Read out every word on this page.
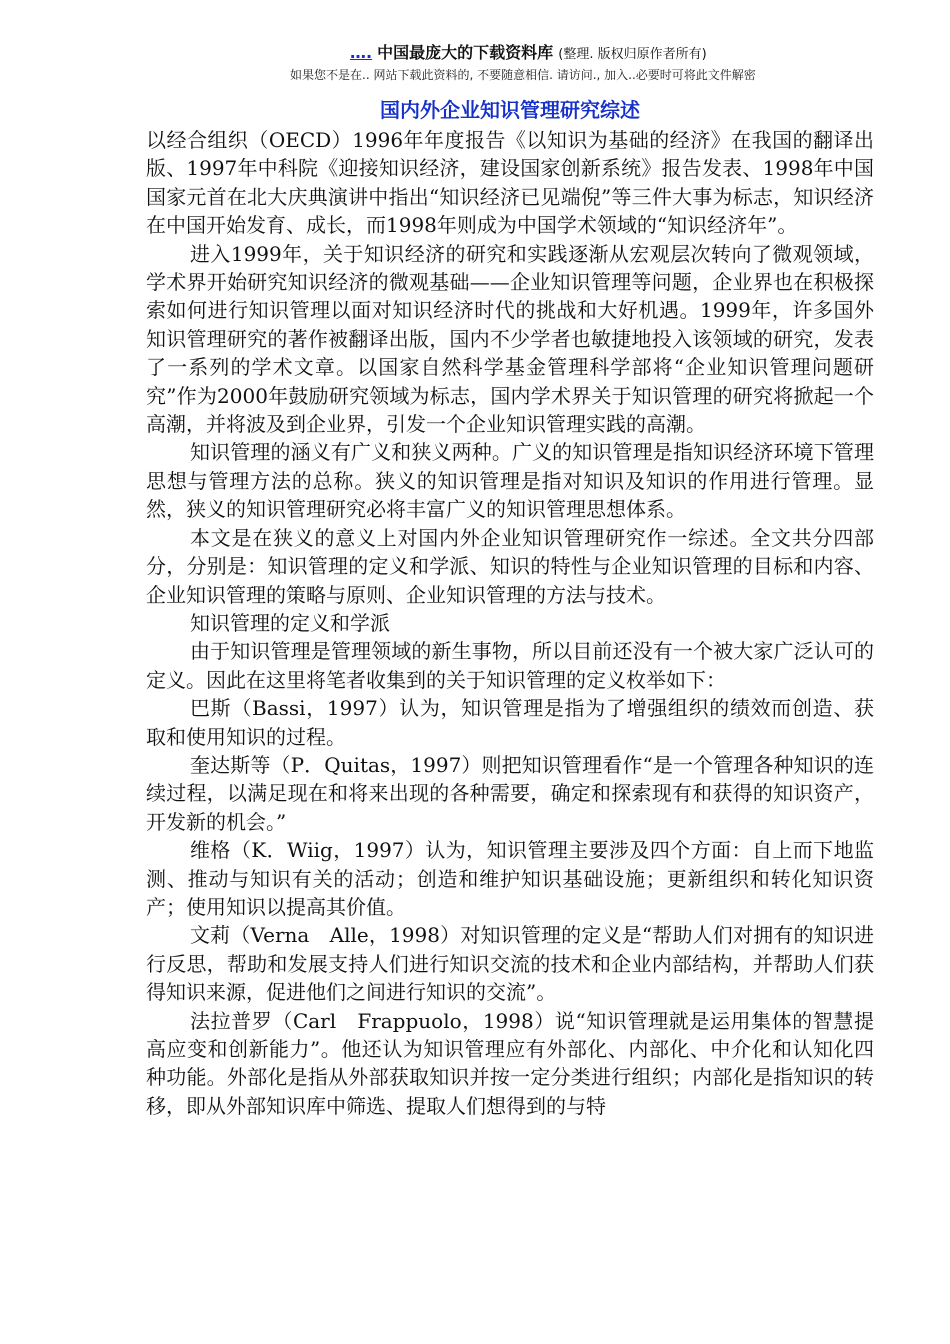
…. 中国最庞大的下载资料库 (整理. 版权归原作者所有)
如果您不是在.. 网站下载此资料的, 不要随意相信. 请访问., 加入..必要时可将此文件解密
国内外企业知识管理研究综述

以经合组织（OECD）1996年年度报告《以知识为基础的经济》在我国的翻译出版、1997年中科院《迎接知识经济，建设国家创新系统》报告发表、1998年中国国家元首在北大庆典演讲中指出“知识经济已见端倪”等三件大事为标志，知识经济在中国开始发育、成长，而1998年则成为中国学术领域的“知识经济年”。

进入1999年，关于知识经济的研究和实践逐渐从宏观层次转向了微观领域，学术界开始研究知识经济的微观基础——企业知识管理等问题，企业界也在积极探索如何进行知识管理以面对知识经济时代的挑战和大好机遇。1999年，许多国外知识管理研究的著作被翻译出版，国内不少学者也敏捷地投入该领域的研究，发表了一系列的学术文章。以国家自然科学基金管理科学部将“企业知识管理问题研究”作为2000年鼓励研究领域为标志，国内学术界关于知识管理的研究将掀起一个高潮，并将波及到企业界，引发一个企业知识管理实践的高潮。

知识管理的涵义有广义和狭义两种。广义的知识管理是指知识经济环境下管理思想与管理方法的总称。狭义的知识管理是指对知识及知识的作用进行管理。显然，狭义的知识管理研究必将丰富广义的知识管理思想体系。

本文是在狭义的意义上对国内外企业知识管理研究作一综述。全文共分四部分，分别是：知识管理的定义和学派、知识的特性与企业知识管理的目标和内容、企业知识管理的策略与原则、企业知识管理的方法与技术。

知识管理的定义和学派

由于知识管理是管理领域的新生事物，所以目前还没有一个被大家广泛认可的定义。因此在这里将笔者收集到的关于知识管理的定义枚举如下：

巴斯（Bassi，1997）认为，知识管理是指为了增强组织的绩效而创造、获取和使用知识的过程。

奎达斯等（P．Quitas，1997）则把知识管理看作“是一个管理各种知识的连续过程，以满足现在和将来出现的各种需要，确定和探索现有和获得的知识资产，开发新的机会。”

维格（K．Wiig，1997）认为，知识管理主要涉及四个方面：自上而下地监测、推动与知识有关的活动；创造和维护知识基础设施；更新组织和转化知识资产；使用知识以提高其价值。

文莉（Verna　Alle，1998）对知识管理的定义是“帮助人们对拥有的知识进行反思，帮助和发展支持人们进行知识交流的技术和企业内部结构，并帮助人们获得知识来源，促进他们之间进行知识的交流”。

法拉普罗（Carl　Frappuolo，1998）说“知识管理就是运用集体的智慧提高应变和创新能力”。他还认为知识管理应有外部化、内部化、中介化和认知化四种功能。外部化是指从外部获取知识并按一定分类进行组织；内部化是指知识的转移，即从外部知识库中筛选、提取人们想得到的与特
